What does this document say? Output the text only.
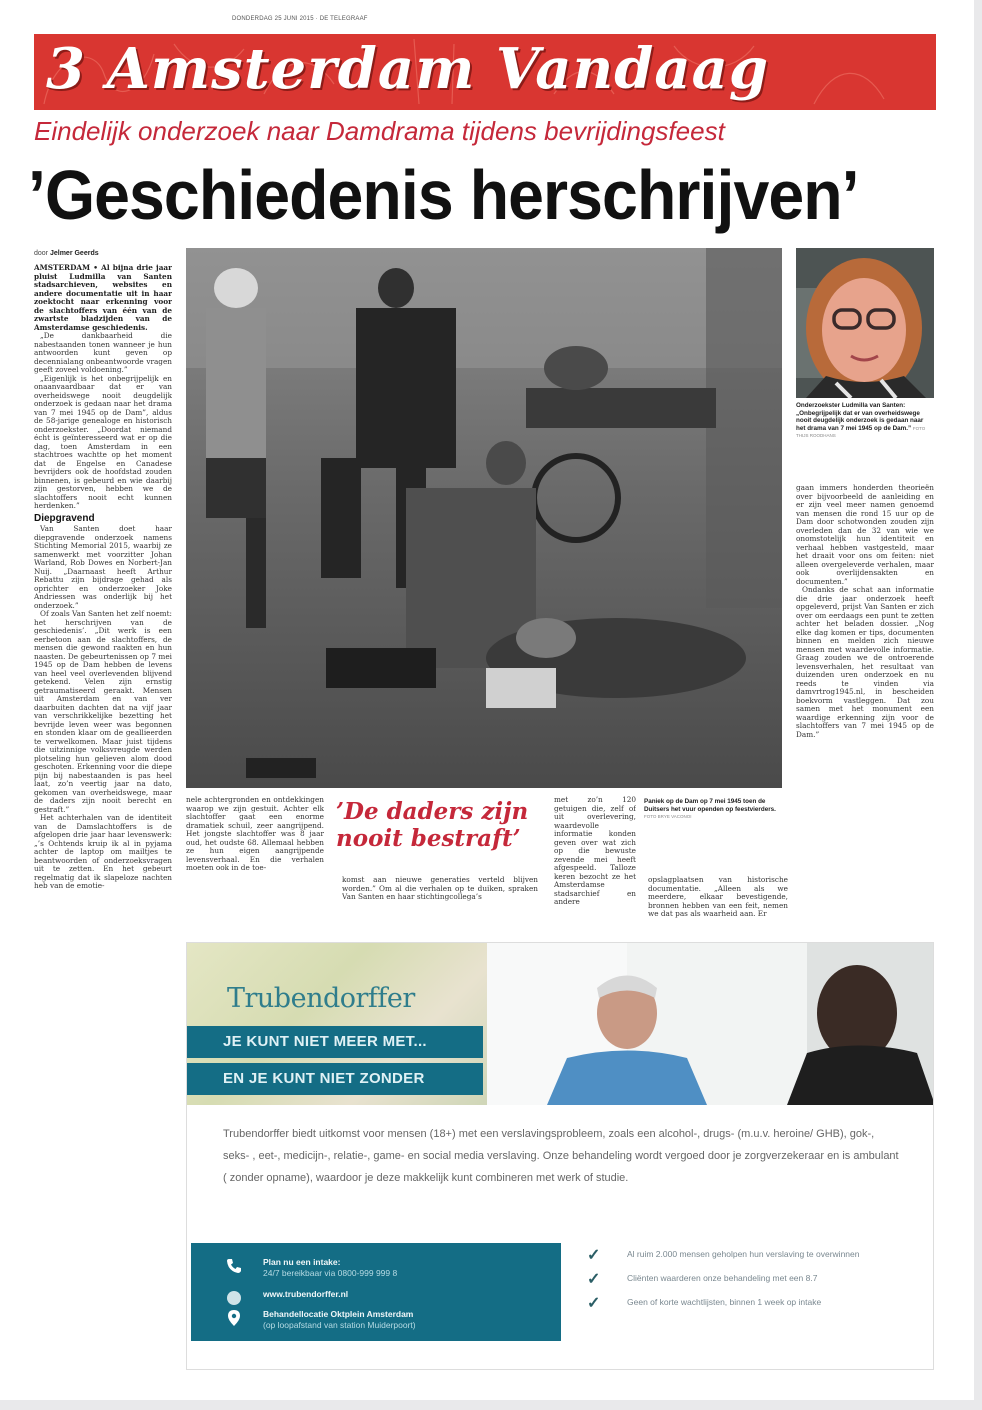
DONDERDAG 25 JUNI 2015 · DE TELEGRAAF
3 Amsterdam Vandaag
Eindelijk onderzoek naar Damdrama tijdens bevrijdingsfeest
’Geschiedenis herschrijven’
door Jelmer Geerds

AMSTERDAM • Al bijna drie jaar pluist Ludmilla van Santen stadsarchieven, websites en andere documentatie uit in haar zoektocht naar erkenning voor de slachtoffers van één van de zwartste bladzijden van de Amsterdamse geschiedenis.

„De dankbaarheid die nabestaanden tonen wanneer je hun antwoorden kunt geven op decennialang onbeantwoorde vragen geeft zoveel voldoening.”

„Eigenlijk is het onbegrijpelijk en onaanvaardbaar dat er van overheidswege nooit deugdelijk onderzoek is gedaan naar het drama van 7 mei 1945 op de Dam”, aldus de 58-jarige genealoge en historisch onderzoekster. „Doordat niemand écht is geïnteresseerd wat er op die dag, toen Amsterdam in een stachtroes wachtte op het moment dat de Engelse en Canadese bevrijders ook de hoofdstad zouden binnenen, is gebeurd en wie daarbij zijn gestorven, hebben we de slachtoffers nooit echt kunnen herdenken.”

Diepgravend

Van Santen doet haar diepgravende onderzoek namens Stichting Memorial 2015, waarbij ze samenwerkt met voorzitter Johan Warland, Rob Dowes en Norbert-Jan Nuij. „Daarnaast heeft Arthur Rebattu zijn bijdrage gehad als oprichter en onderzoeker Joke Andriessen was onderlijk bij het onderzoek.”

Of zoals Van Santen het zelf noemt: het herschrijven van de geschiedenis’. „Dit werk is een eerbetoon aan de slachtoffers, de mensen die gewond raakten en hun naasten. De gebeurtenissen op 7 mei 1945 op de Dam hebben de levens van heel veel overlevenden blijvend getekend. Velen zijn ernstig getraumatiseerd geraakt. Mensen uit Amsterdam en van ver daarbuiten dachten dat na vijf jaar van verschrikkelijke bezetting het bevrijde leven weer was begonnen en stonden klaar om de geallieerden te verwelkomen. Maar juist tijdens die uitzinnige volksvreugde werden plotseling hun gelieven alom dood geschoten. Erkenning voor die diepe pijn bij nabestaanden is pas heel laat, zo’n veertig jaar na dato, gekomen van overheidswege, maar de daders zijn nooit berecht en gestraft.”

Het achterhalen van de identiteit van de Damslachtoffers is de afgelopen drie jaar haar levenswerk: „’s Ochtends kruip ik al in pyjama achter de laptop om mailtjes te beantwoorden of onderzoeksvragen uit te zetten. En het gebeurt regelmatig dat ik slapeloze nachten heb van de emotie-

Onderzoekster Ludmilla van Santen: „Onbegrijpelijk dat er van overheidswege nooit deugdelijk onderzoek is gedaan naar het drama van 7 mei 1945 op de Dam.” FOTO THIJS ROODHANS

nele achtergronden en ontdekkingen waarop we zijn gestuit. Achter elk slachtoffer gaat een enorme dramatiek schuil, zeer aangrijpend. Het jongste slachtoffer was 8 jaar oud, het oudste 68. Allemaal hebben ze hun eigen aangrijpende levensverhaal. En die verhalen moeten ook in de toe-

’De daders zijn nooit bestraft’

komst aan nieuwe generaties verteld blijven worden.” Om al die verhalen op te duiken, spraken Van Santen en haar stichtingcollega’s

met zo’n 120 getuigen die, zelf of uit overlevering, waardevolle informatie konden geven over wat zich op die bewuste zevende mei heeft afgespeeld. Talloze keren bezocht ze het Amsterdamse stadsarchief en andere

Paniek op de Dam op 7 mei 1945 toen de Duitsers het vuur openden op feestvierders.
FOTO BRYE VACONOI

opslagplaatsen van historische documentatie. „Alleen als we meerdere, elkaar bevestigende, bronnen hebben van een feit, nemen we dat pas als waarheid aan. Er

gaan immers honderden theorieën over bijvoorbeeld de aanleiding en er zijn veel meer namen genoemd van mensen die rond 15 uur op de Dam door schotwonden zouden zijn overleden dan de 32 van wie we onomstotelijk hun identiteit en verhaal hebben vastgesteld, maar het draait voor ons om feiten: niet alleen overgeleverde verhalen, maar ook overlijdensakten en documenten.”

Ondanks de schat aan informatie die drie jaar onderzoek heeft opgeleverd, prijst Van Santen er zich over om eerdaags een punt te zetten achter het beladen dossier. „Nog elke dag komen er tips, documenten binnen en melden zich nieuwe mensen met waardevolle informatie. Graag zouden we de ontroerende levensverhalen, het resultaat van duizenden uren onderzoek en nu reeds te vinden via damvrtrog1945.nl, in bescheiden boekvorm vastleggen. Dat zou samen met het monument een waardige erkenning zijn voor de slachtoffers van 7 mei 1945 op de Dam.”

Trubendorffer
JE KUNT NIET MEER MET...
EN JE KUNT NIET ZONDER
Trubendorffer biedt uitkomst voor mensen (18+) met een verslavingsprobleem, zoals een alcohol-, drugs- (m.u.v. heroine/ GHB), gok-, seks- , eet-, medicijn-, relatie-, game- en social media verslaving. Onze behandeling wordt vergoed door je zorgverzekeraar en is ambulant ( zonder opname), waardoor je deze makkelijk kunt combineren met werk of studie.
Plan nu een intake:
24/7 bereikbaar via 0800-999 999 8
www.trubendorffer.nl
Behandellocatie Oktplein Amsterdam
(op loopafstand van station Muiderpoort)
✓	Al ruim 2.000 mensen geholpen hun verslaving te overwinnen
✓	Cliënten waarderen onze behandeling met een 8.7
✓	Geen of korte wachtlijsten, binnen 1 week op intake
